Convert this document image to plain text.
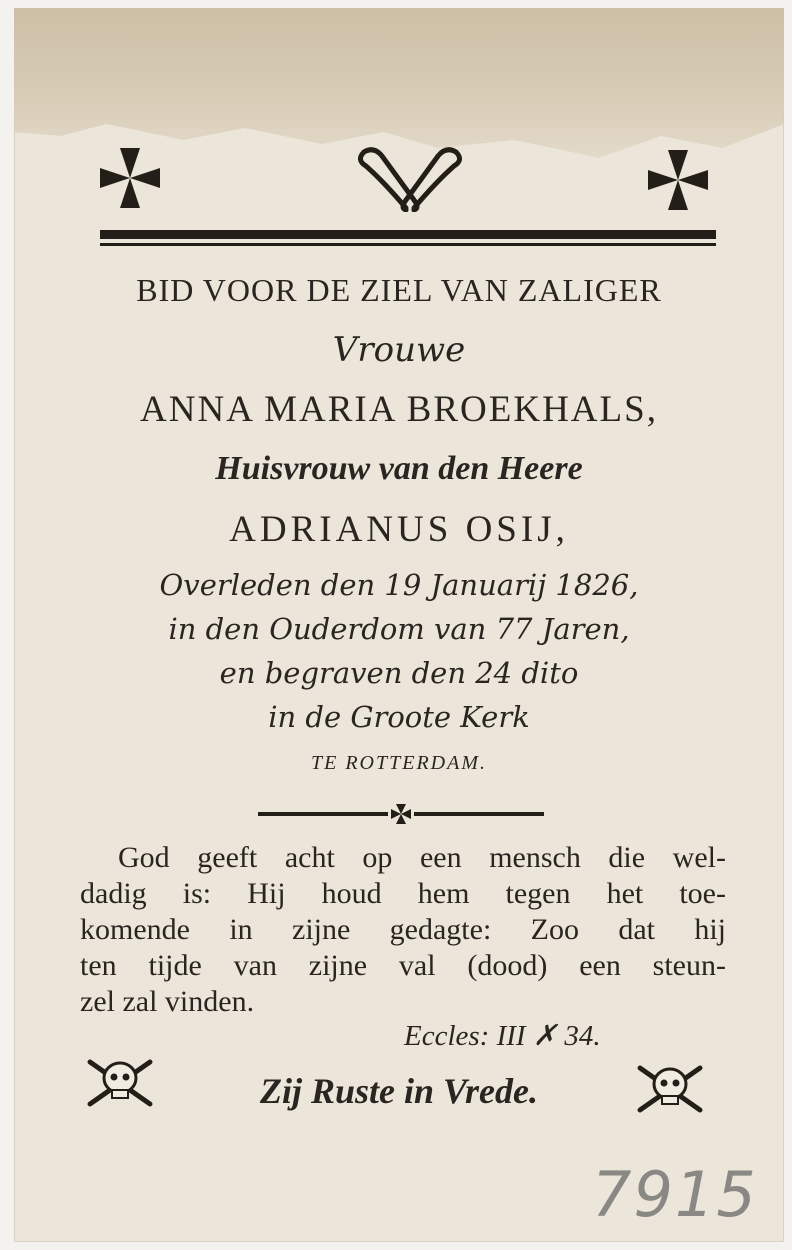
BID VOOR DE ZIEL VAN ZALIGER
Vrouwe
ANNA MARIA BROEKHALS,
Huisvrouw van den Heere
ADRIANUS OSIJ,
Overleden den 19 Januarij 1826,
in den Ouderdom van 77 Jaren,
en begraven den 24 dito
in de Groote Kerk
TE ROTTERDAM.
God geeft acht op een mensch die wel-
dadig is: Hij houd hem tegen het toe-
komende in zijne gedagte: Zoo dat hij
ten tijde van zijne val (dood) een steun-
zel zal vinden.
Eccles: III ✗ 34.
Zij Ruste in Vrede.
7915
